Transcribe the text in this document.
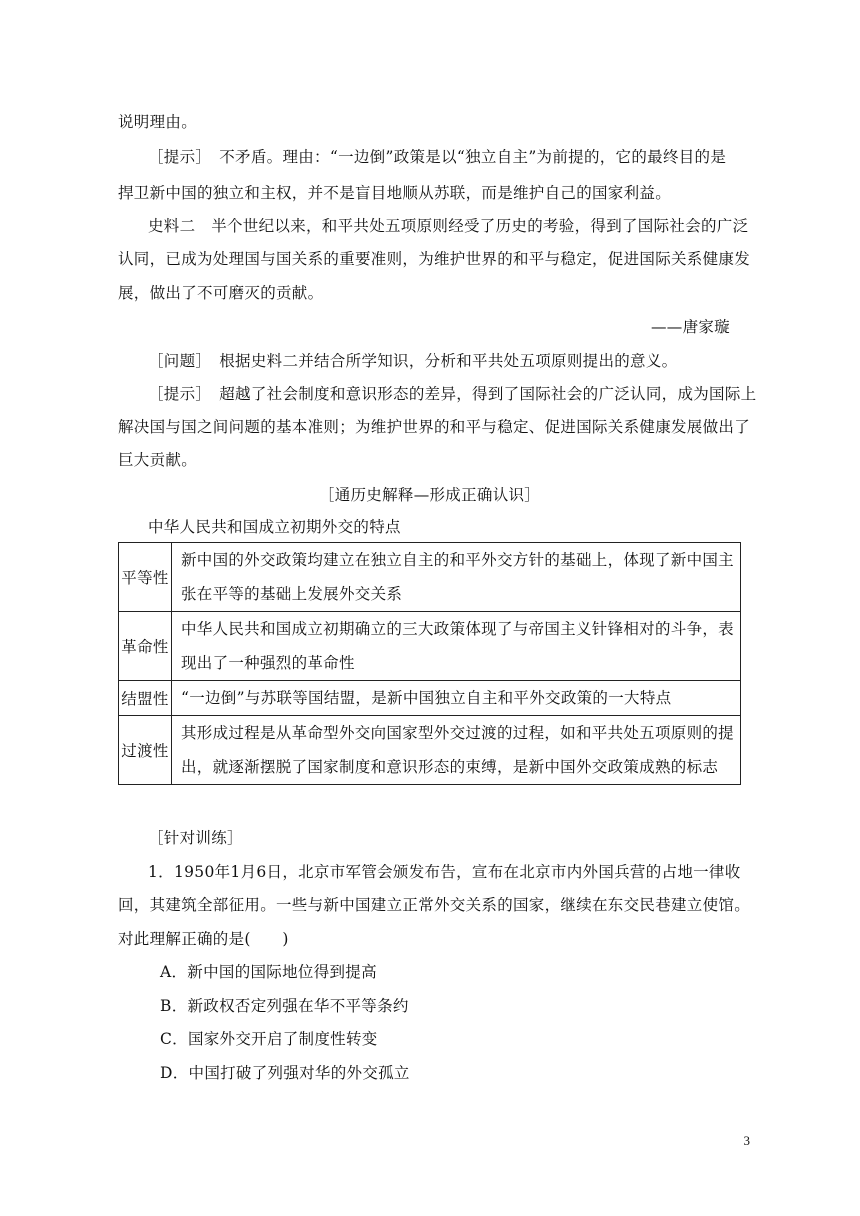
说明理由。
［提示］　不矛盾。理由：“一边倒”政策是以“独立自主”为前提的，它的最终目的是
捍卫新中国的独立和主权，并不是盲目地顺从苏联，而是维护自己的国家利益。
史料二　半个世纪以来，和平共处五项原则经受了历史的考验，得到了国际社会的广泛
认同，已成为处理国与国关系的重要准则，为维护世界的和平与稳定，促进国际关系健康发
展，做出了不可磨灭的贡献。
——唐家璇
［问题］　根据史料二并结合所学知识，分析和平共处五项原则提出的意义。
［提示］　超越了社会制度和意识形态的差异，得到了国际社会的广泛认同，成为国际上
解决国与国之间问题的基本准则；为维护世界的和平与稳定、促进国际关系健康发展做出了
巨大贡献。
［通历史解释—形成正确认识］
中华人民共和国成立初期外交的特点
平等性	新中国的外交政策均建立在独立自主的和平外交方针的基础上，体现了新中国主
张在平等的基础上发展外交关系

革命性	中华人民共和国成立初期确立的三大政策体现了与帝国主义针锋相对的斗争，表
现出了一种强烈的革命性

结盟性	“一边倒”与苏联等国结盟，是新中国独立自主和平外交政策的一大特点

过渡性	其形成过程是从革命型外交向国家型外交过渡的过程，如和平共处五项原则的提
出，就逐渐摆脱了国家制度和意识形态的束缚，是新中国外交政策成熟的标志
［针对训练］
1．1950年1月6日，北京市军管会颁发布告，宣布在北京市内外国兵营的占地一律收
回，其建筑全部征用。一些与新中国建立正常外交关系的国家，继续在东交民巷建立使馆。
对此理解正确的是(　　)
A．新中国的国际地位得到提高
B．新政权否定列强在华不平等条约
C．国家外交开启了制度性转变
D．中国打破了列强对华的外交孤立
3
